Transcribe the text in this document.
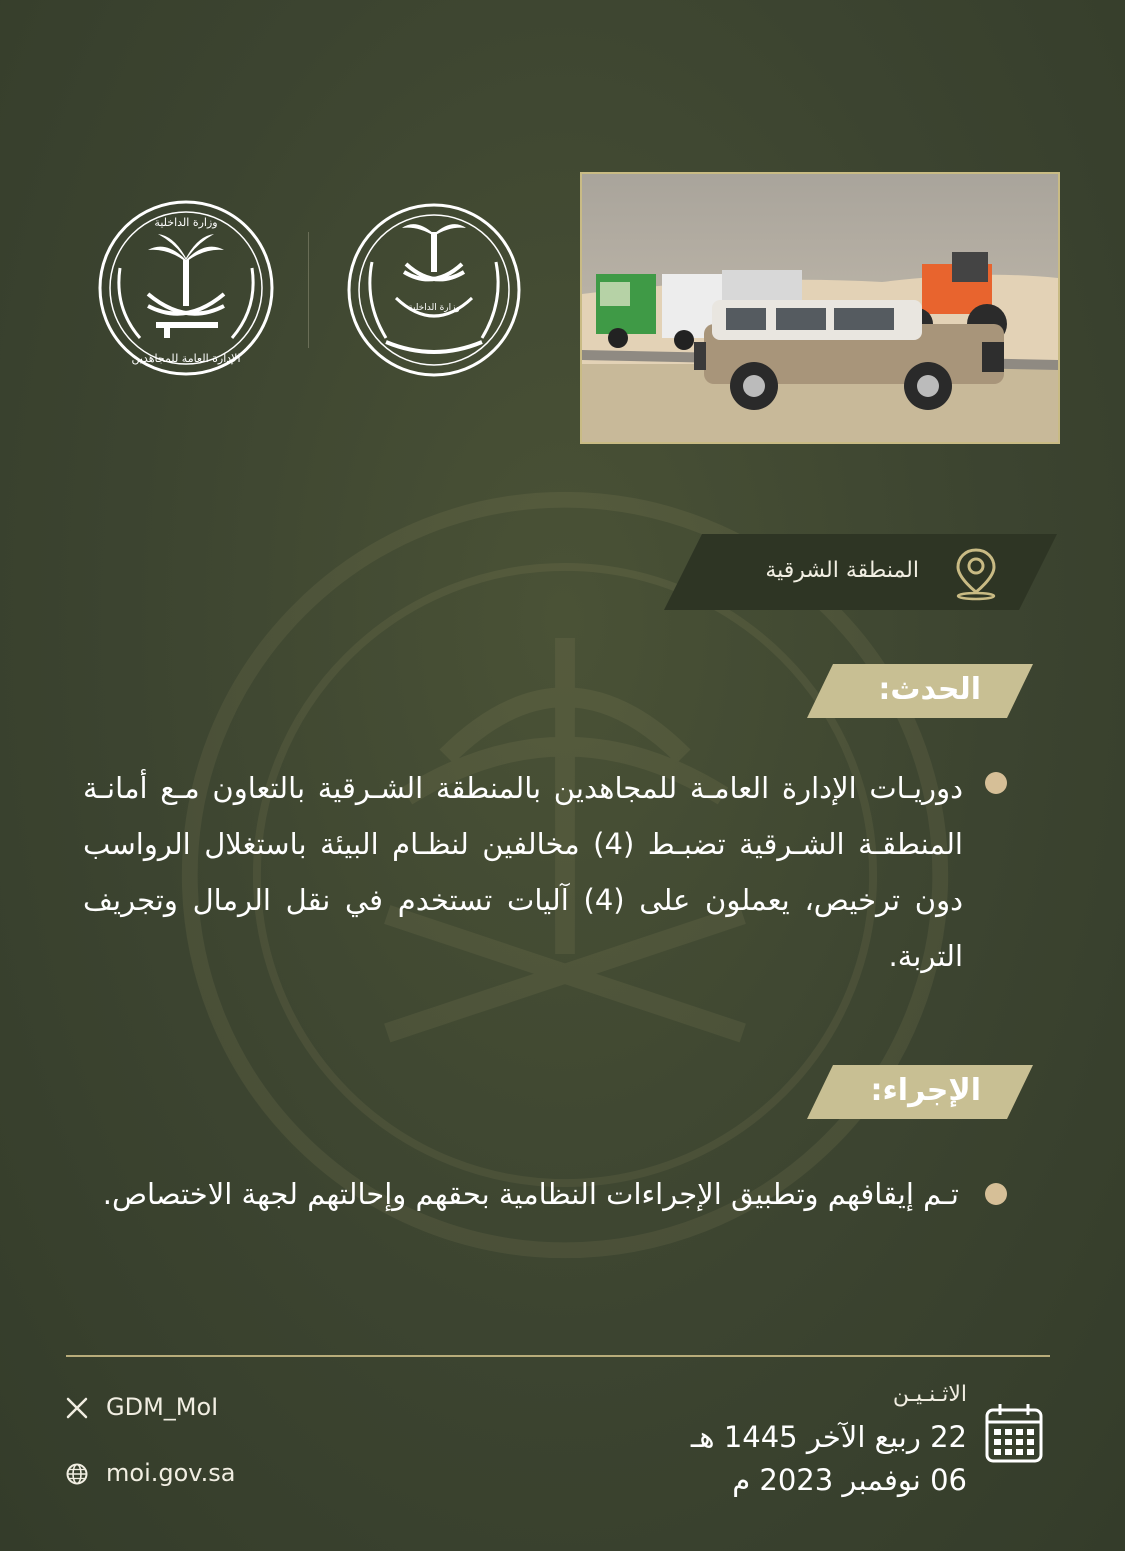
وزارة الداخلية
الإدارة العامة للمجاهدين
وزارة الداخلية
المنطقة الشرقية
الحدث:
دوريـات الإدارة العامـة للمجاهدين بالمنطقة الشـرقية بالتعاون مـع أمانـة المنطقـة الشـرقية تضبـط (4) مخالفين لنظـام البيئة باستغلال الرواسب دون ترخيص، يعملون على (4) آليات تستخدم في نقل الرمال وتجريف التربة.
الإجراء:
تـم إيقافهم وتطبيق الإجراءات النظامية بحقهم وإحالتهم لجهة الاختصاص.
الاثـنـيـن
22 ربيع الآخر 1445 هـ
06 نوفمبر 2023 م
GDM_MoI
moi.gov.sa
